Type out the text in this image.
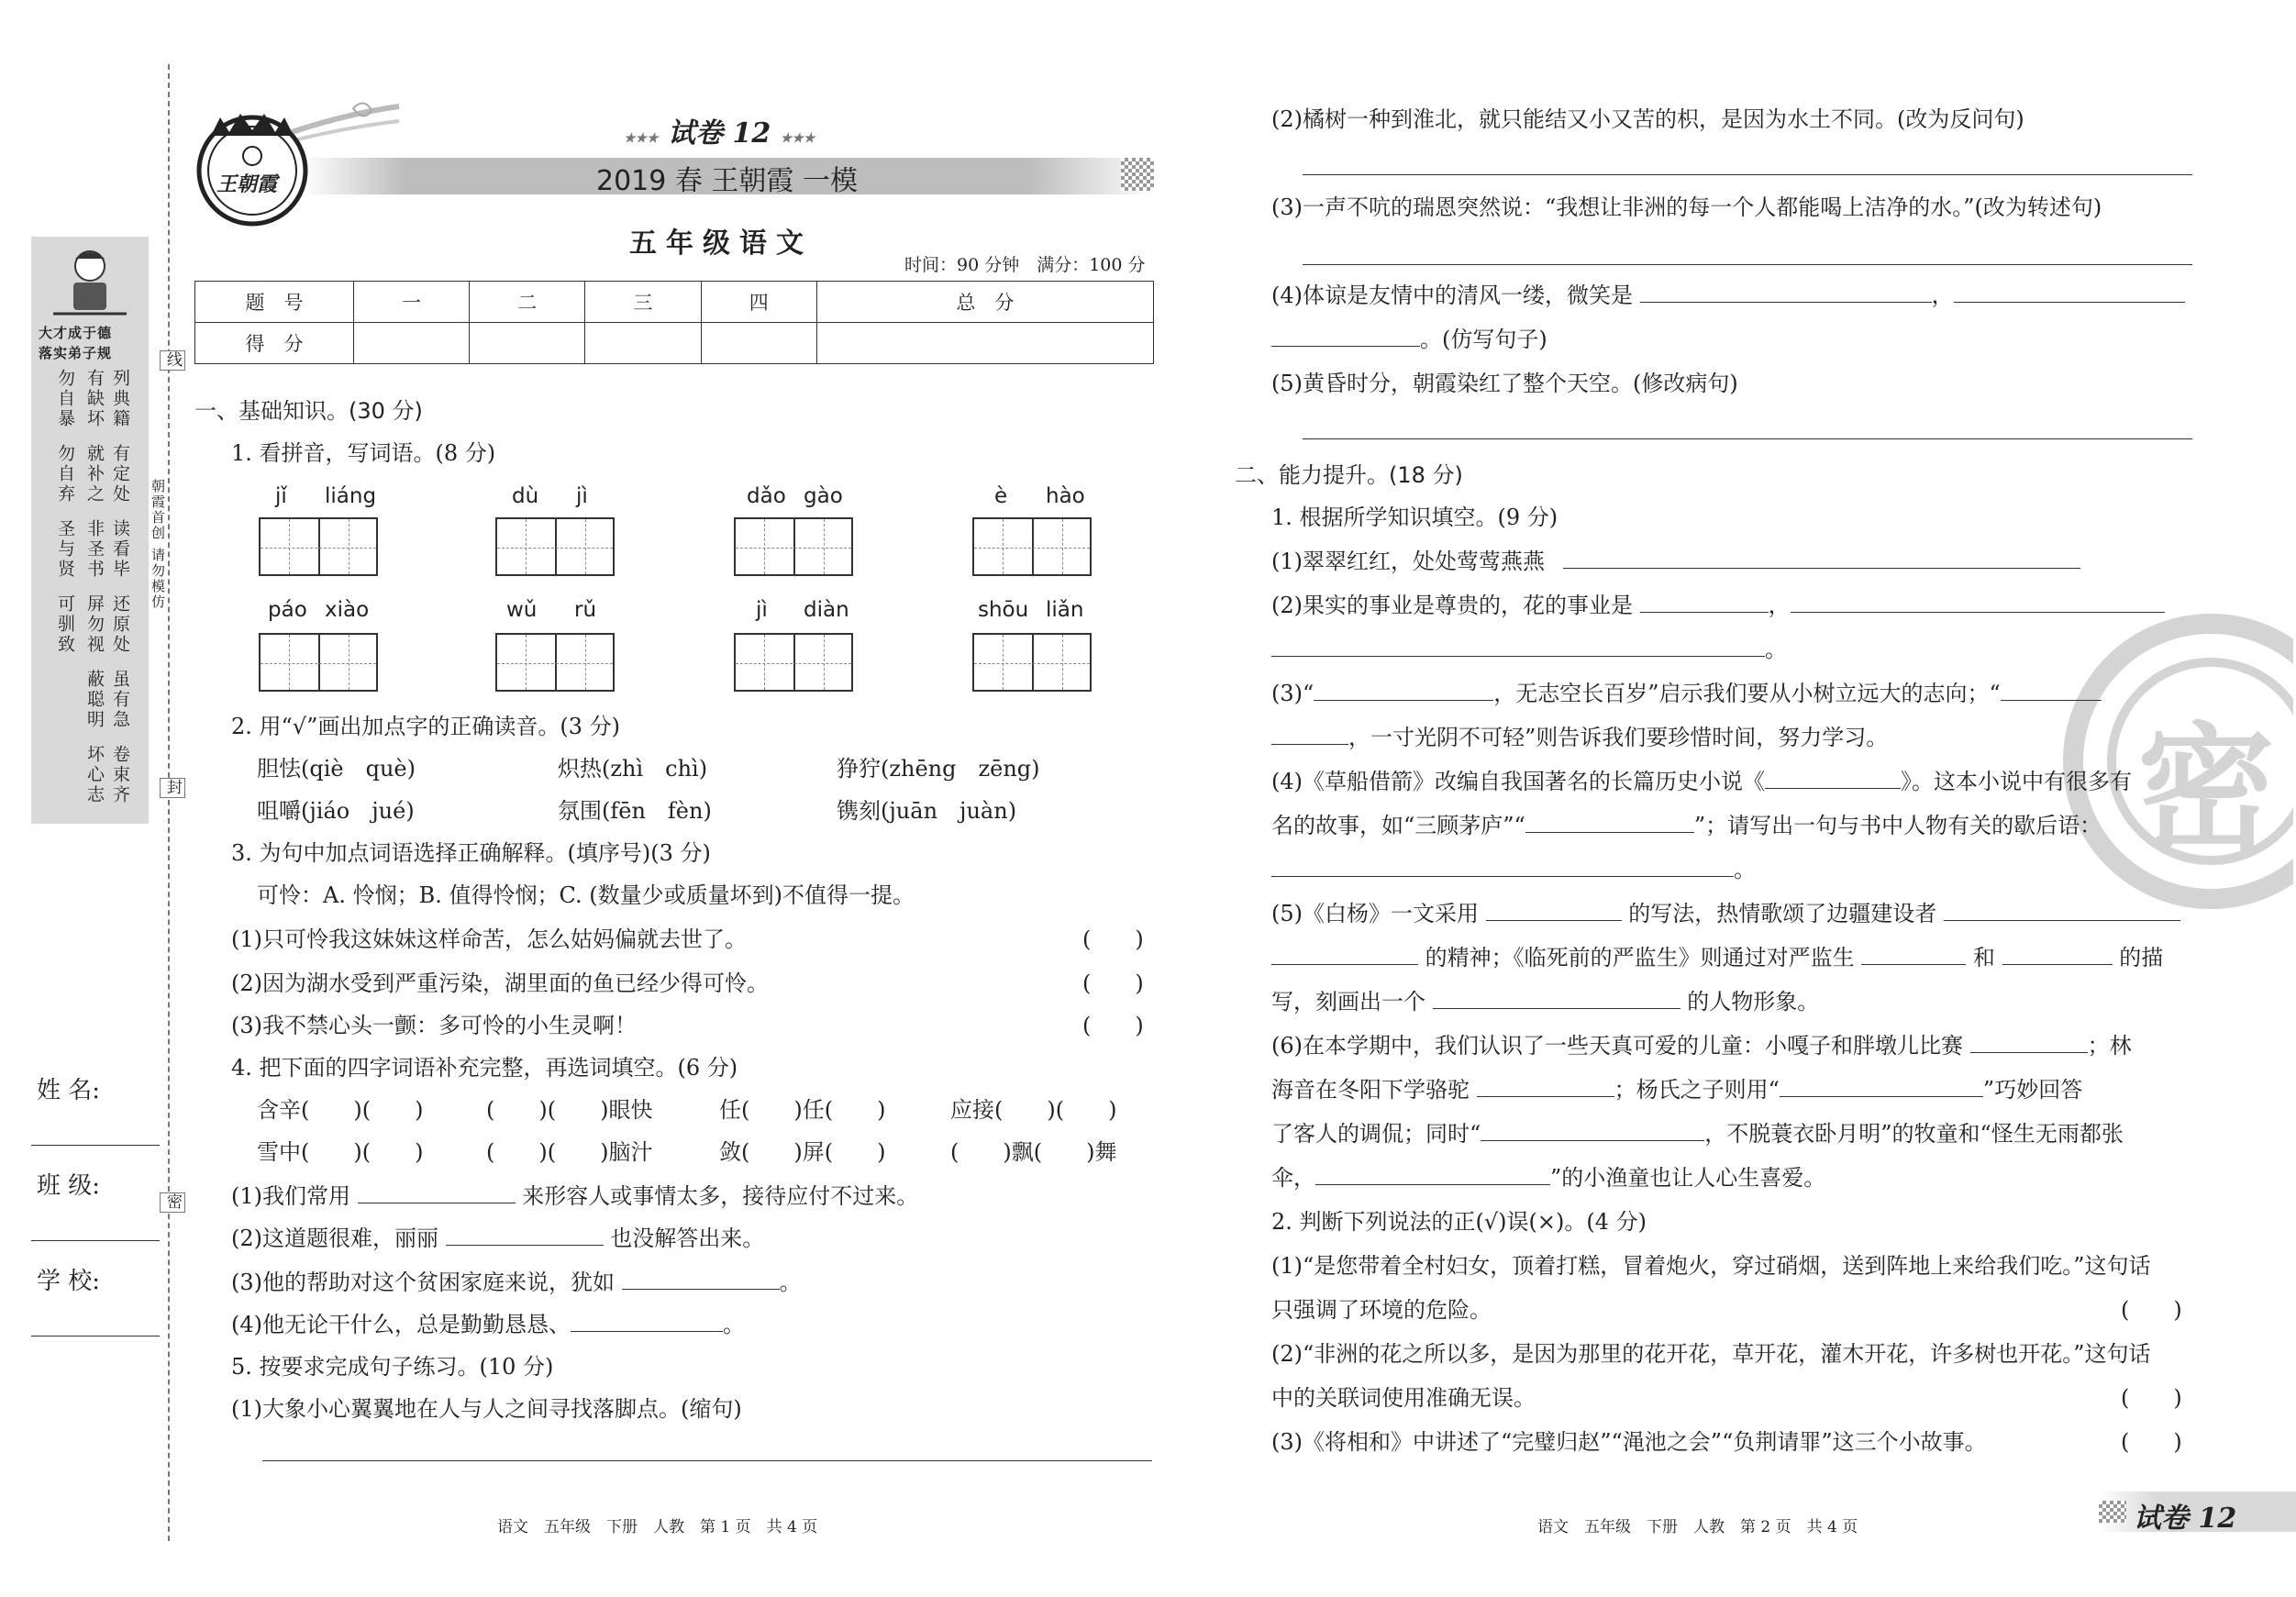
大才成于德
落实弟子规
勿自暴
勿自弃
圣与贤
可驯致
有缺坏
就补之
非圣书
屏勿视
蔽聪明
坏心志
列典籍
有定处
读看毕
还原处
虽有急
卷束齐
线
朝霞首创 请勿模仿
封
密
姓 名:
班 级:
学 校:
王朝霞
★★★ 试卷 12 ★★★
2019 春 王朝霞 一模
五年级语文
时间：90 分钟　满分：100 分
题　号	一	二	三	四	总　分
得　分					
一、基础知识。(30 分)
1. 看拼音，写词语。(8 分)
jǐ liáng	dù jì	dǎo gào	è hào
páo xiào	wǔ rǔ	jì diàn	shōu liǎn
2. 用“√”画出加点字的正确读音。(3 分)
胆怯(qiè　què)	炽热(zhì　chì)	狰狞(zhēng　zēng)
咀嚼(jiáo　jué)	氛围(fēn　fèn)	镌刻(juān　juàn)
3. 为句中加点词语选择正确解释。(填序号)(3 分)
可怜：A. 怜悯；B. 值得怜悯；C. (数量少或质量坏到)不值得一提。
(1)只可怜我这妹妹这样命苦，怎么姑妈偏就去世了。	(　　)
(2)因为湖水受到严重污染，湖里面的鱼已经少得可怜。	(　　)
(3)我不禁心头一颤：多可怜的小生灵啊！	(　　)
4. 把下面的四字词语补充完整，再选词填空。(6 分)
含辛(　　)(　　)	(　　)(　　)眼快	任(　　)任(　　)	应接(　　)(　　)
雪中(　　)(　　)	(　　)(　　)脑汁	敛(　　)屏(　　)	(　　)飘(　　)舞
(1)我们常用	来形容人或事情太多，接待应付不过来。
(2)这道题很难，丽丽	也没解答出来。
(3)他的帮助对这个贫困家庭来说，犹如	。
(4)他无论干什么，总是勤勤恳恳、	。
5. 按要求完成句子练习。(10 分)
(1)大象小心翼翼地在人与人之间寻找落脚点。(缩句)
语文　五年级　下册　人教　第 1 页　共 4 页
密
(2)橘树一种到淮北，就只能结又小又苦的枳，是因为水土不同。(改为反问句)
(3)一声不吭的瑞恩突然说：“我想让非洲的每一个人都能喝上洁净的水。”(改为转述句)
(4)体谅是友情中的清风一缕，微笑是	，
。(仿写句子)
(5)黄昏时分，朝霞染红了整个天空。(修改病句)
二、能力提升。(18 分)
1. 根据所学知识填空。(9 分)
(1)翠翠红红，处处莺莺燕燕
(2)果实的事业是尊贵的，花的事业是	，
。
(3)“	，无志空长百岁”启示我们要从小树立远大的志向；“
，一寸光阴不可轻”则告诉我们要珍惜时间，努力学习。
(4)《草船借箭》改编自我国著名的长篇历史小说《	》。这本小说中有很多有
名的故事，如“三顾茅庐”“	”；请写出一句与书中人物有关的歇后语：
。
(5)《白杨》一文采用	的写法，热情歌颂了边疆建设者
的精神；《临死前的严监生》则通过对严监生	和	的描
写，刻画出一个	的人物形象。
(6)在本学期中，我们认识了一些天真可爱的儿童：小嘎子和胖墩儿比赛	；林
海音在冬阳下学骆驼	；杨氏之子则用“	”巧妙回答
了客人的调侃；同时“	，不脱蓑衣卧月明”的牧童和“怪生无雨都张
伞，	”的小渔童也让人心生喜爱。
2. 判断下列说法的正(√)误(×)。(4 分)
(1)“是您带着全村妇女，顶着打糕，冒着炮火，穿过硝烟，送到阵地上来给我们吃。”这句话
只强调了环境的危险。	(　　)
(2)“非洲的花之所以多，是因为那里的花开花，草开花，灌木开花，许多树也开花。”这句话
中的关联词使用准确无误。	(　　)
(3)《将相和》中讲述了“完璧归赵”“渑池之会”“负荆请罪”这三个小故事。	(　　)
语文　五年级　下册　人教　第 2 页　共 4 页	试卷 12
